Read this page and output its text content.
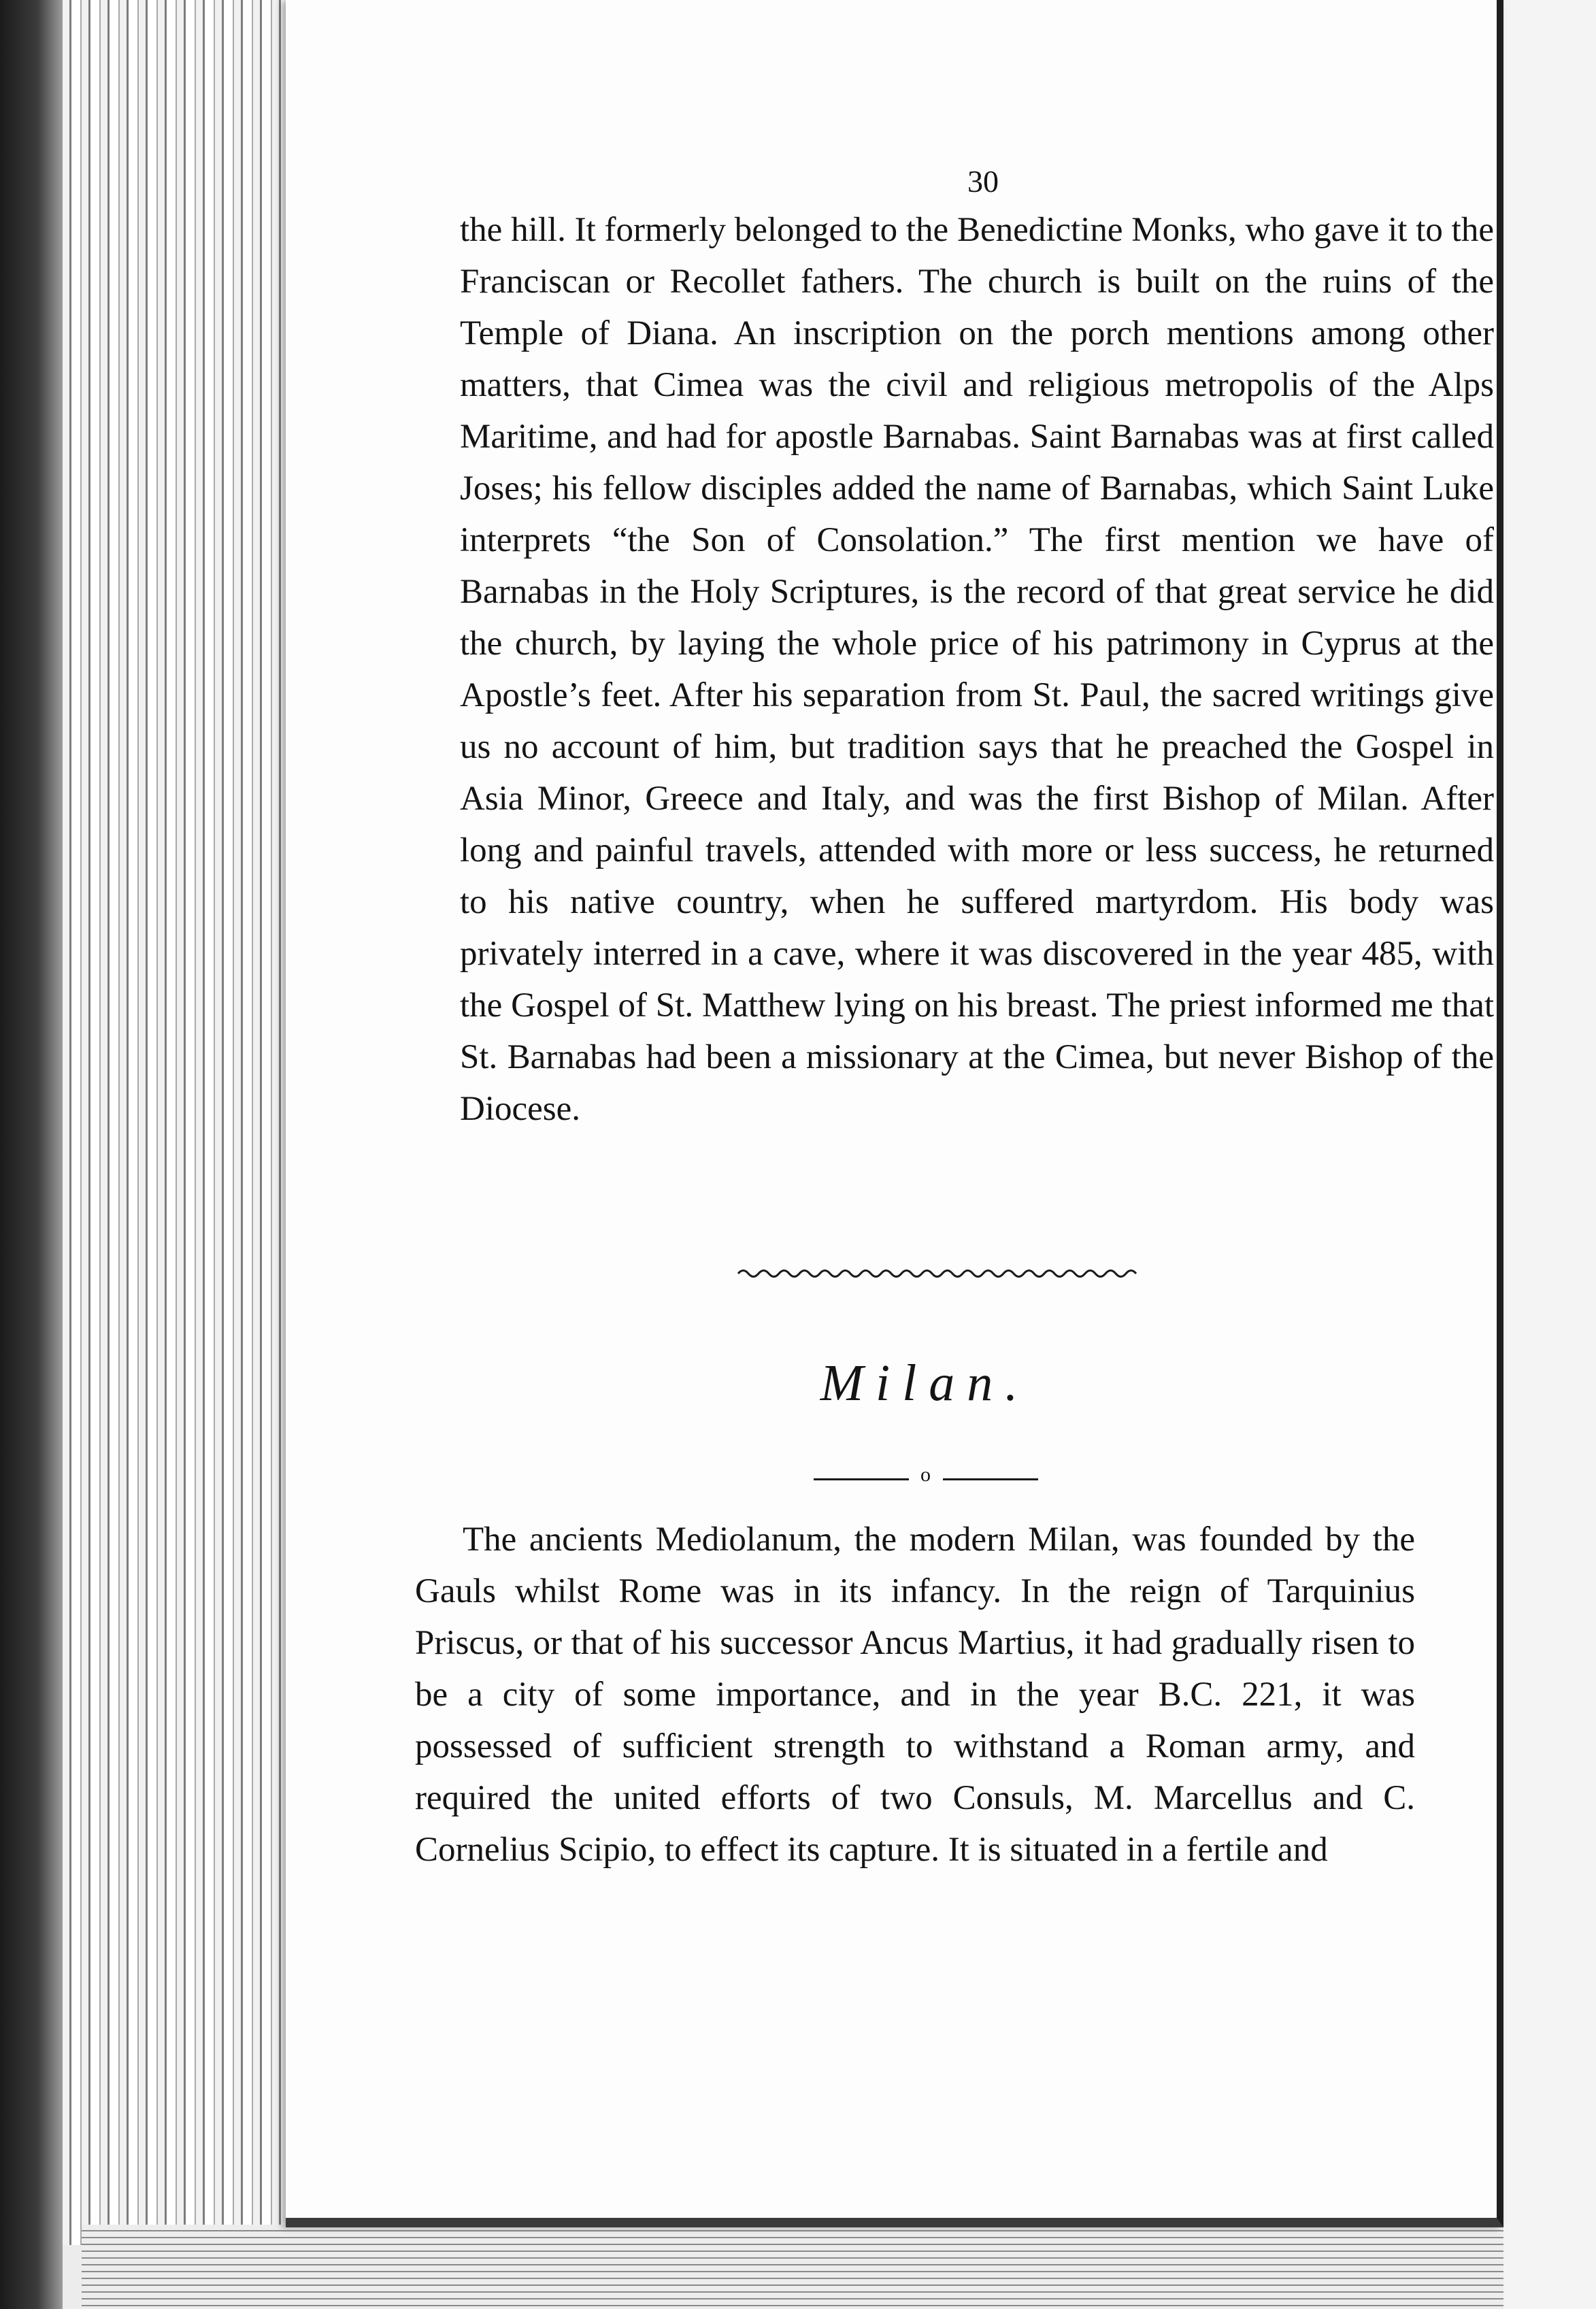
30

the hill. It formerly belonged to the Benedictine Monks, who gave it to the Franciscan or Recollet fathers. The church is built on the ruins of the Temple of Diana. An inscription on the porch mentions among other matters, that Cimea was the civil and religious metropolis of the Alps Maritime, and had for apostle Barnabas. Saint Barnabas was at first called Joses; his fellow disciples added the name of Barnabas, which Saint Luke interprets “the Son of Consolation.” The first mention we have of Barnabas in the Holy Scriptures, is the record of that great service he did the church, by laying the whole price of his patrimony in Cyprus at the Apostle’s feet. After his separation from St. Paul, the sacred writings give us no account of him, but tradition says that he preached the Gospel in Asia Minor, Greece and Italy, and was the first Bishop of Milan. After long and painful travels, attended with more or less success, he returned to his native country, when he suffered martyrdom. His body was privately interred in a cave, where it was discovered in the year 485, with the Gospel of St. Matthew lying on his breast. The priest informed me that St. Barnabas had been a missionary at the Cimea, but never Bishop of the Diocese.

Milan.
o

The ancients Mediolanum, the modern Milan, was founded by the Gauls whilst Rome was in its infancy. In the reign of Tarquinius Priscus, or that of his successor Ancus Martius, it had gradually risen to be a city of some importance, and in the year B.C. 221, it was possessed of sufficient strength to withstand a Roman army, and required the united efforts of two Consuls, M. Marcellus and C. Cornelius Scipio, to effect its capture. It is situated in a fertile and
